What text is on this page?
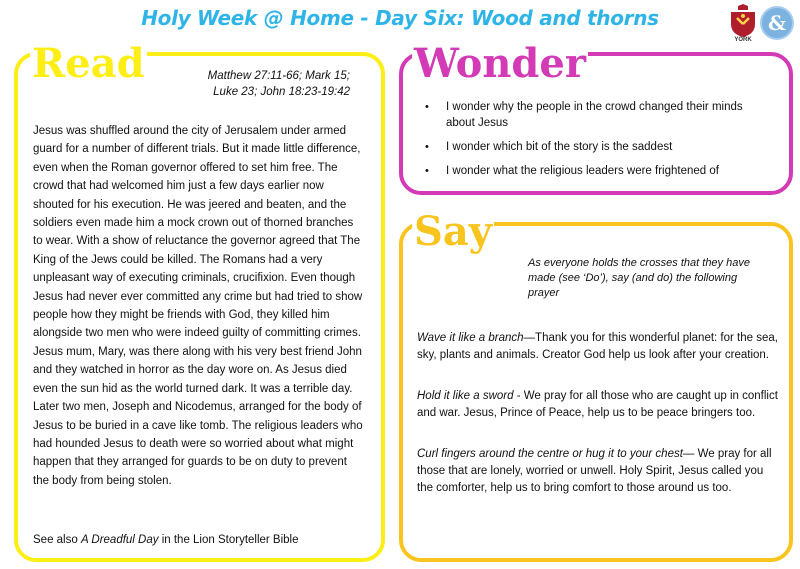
Holy Week @ Home - Day Six: Wood and thorns
YORK
&
Read	Matthew 27:11-66; Mark 15;
Luke 23; John 18:23-19:42

Jesus was shuffled around the city of Jerusalem under armed guard for a number of different trials. But it made little difference, even when the Roman governor offered to set him free. The crowd that had welcomed him just a few days earlier now shouted for his execution. He was jeered and beaten, and the soldiers even made him a mock crown out of thorned branches to wear. With a show of reluctance the governor agreed that The King of the Jews could be killed. The Romans had a very unpleasant way of executing criminals, crucifixion. Even though Jesus had never ever committed any crime but had tried to show people how they might be friends with God, they killed him alongside two men who were indeed guilty of committing crimes. Jesus mum, Mary, was there along with his very best friend John and they watched in horror as the day wore on. As Jesus died even the sun hid as the world turned dark. It was a terrible day.

Later two men, Joseph and Nicodemus, arranged for the body of Jesus to be buried in a cave like tomb. The religious leaders who had hounded Jesus to death were so worried about what might happen that they arranged for guards to be on duty to prevent the body from being stolen.

See also A Dreadful Day in the Lion Storyteller Bible
Wonder
• I wonder why the people in the crowd changed their minds about Jesus
• I wonder which bit of the story is the saddest
• I wonder what the religious leaders were frightened of
Say
As everyone holds the crosses that they have made (see ‘Do’), say (and do) the following prayer
Wave it like a branch—Thank you for this wonderful planet: for the sea, sky, plants and animals. Creator God help us look after your creation.
Hold it like a sword - We pray for all those who are caught up in conflict and war. Jesus, Prince of Peace, help us to be peace bringers too.
Curl fingers around the centre or hug it to your chest— We pray for all those that are lonely, worried or unwell. Holy Spirit, Jesus called you the comforter, help us to bring comfort to those around us too.
